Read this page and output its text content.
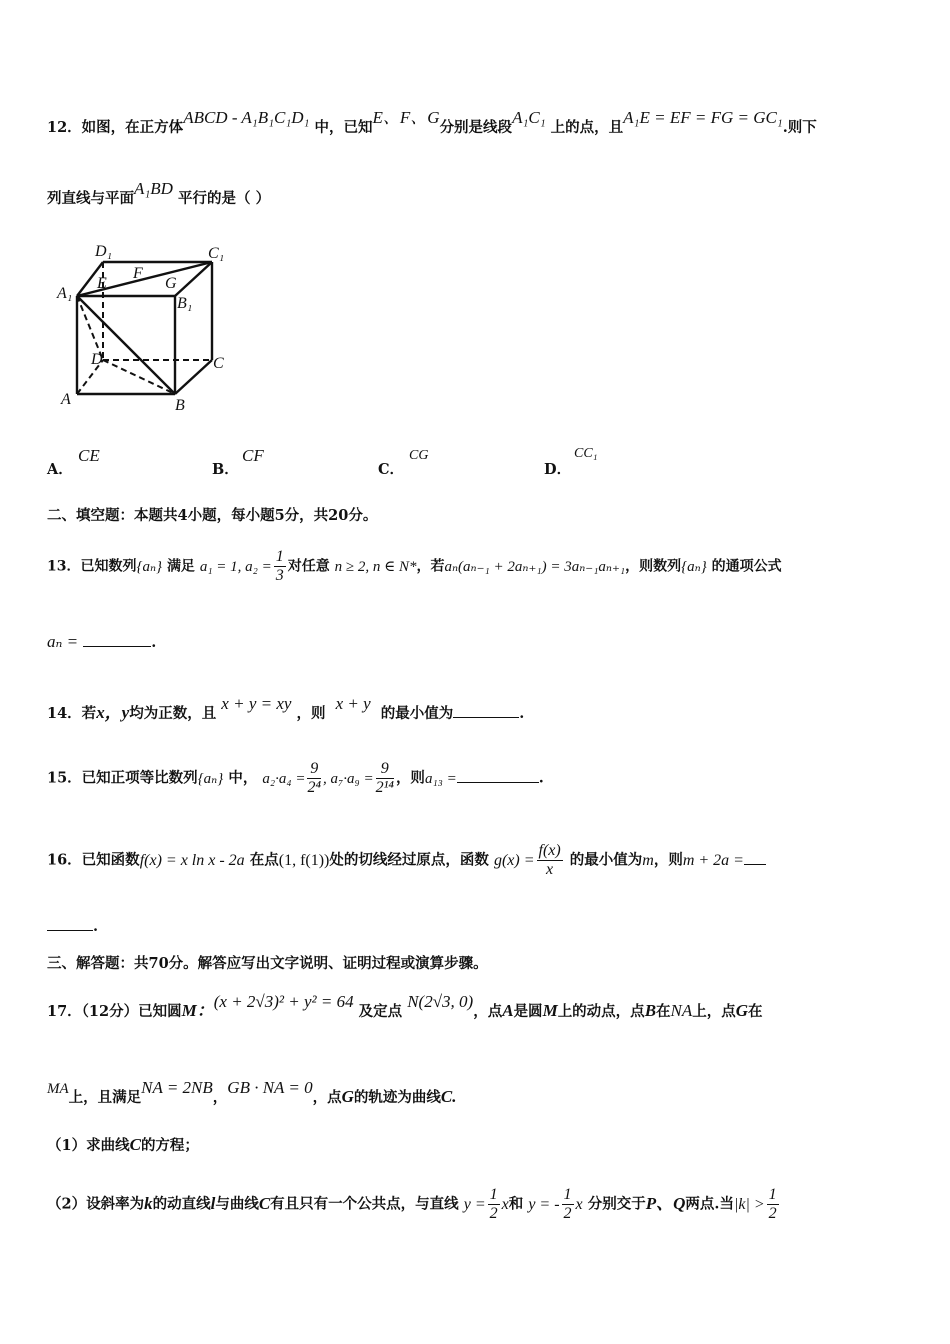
12．如图，在正方体ABCD - A₁B₁C₁D₁ 中，已知E、F、G分别是线段A₁C₁ 上的点，且A₁E = EF = FG = GC₁.则下
列直线与平面A₁BD 平行的是（ ）
D₁	C₁
A₁
B₁
E
F
G
D	C
A	B
A．
CE
B．
CF
C．
CG
D．
CC₁
二、填空题：本题共4小题，每小题5分，共20分。
13．已知数列{aₙ} 满足 a₁ = 1, $a_2 = \frac{1}{3}$ 对任意 n ≥ 2, n ∈ N*，若aₙ(aₙ₋₁ + 2aₙ₊₁) = 3aₙ₋₁aₙ₊₁，则数列{aₙ} 的通项公式
aₙ =	.
14．若x，y均为正数，且 x + y = xy ，则  x + y  的最小值为	.
15．已知正项等比数列{aₙ} 中， $a_2\cdot a_4 = \frac{9}{\text{2⁴}}$ , $a_7\cdot a_9 = \frac{9}{\text{2¹⁴}}$ ，则a₁₃ =	.
16．已知函数f(x) = x ln x - 2a 在点(1, f(1))处的切线经过原点，函数 $g(x) = \frac{f(x)}{x}$ 的最小值为m，则m + 2a =
.
三、解答题：共70分。解答应写出文字说明、证明过程或演算步骤。
17．（12分）已知圆M：(x + 2√3)² + y² = 64 及定点 N(2√3, 0)，点A是圆M上的动点，点B在NA上，点G在
MA上，且满足NA = 2NB，GB · NA = 0，点G的轨迹为曲线C.
（1）求曲线C的方程；
（2）设斜率为k的动直线l与曲线C有且只有一个公共点，与直线 $y = \frac{1}{2}$ x和 y = - $\frac{1}{2}$ x 分别交于P、Q两点.当$|k| > \frac{1}{2}$
